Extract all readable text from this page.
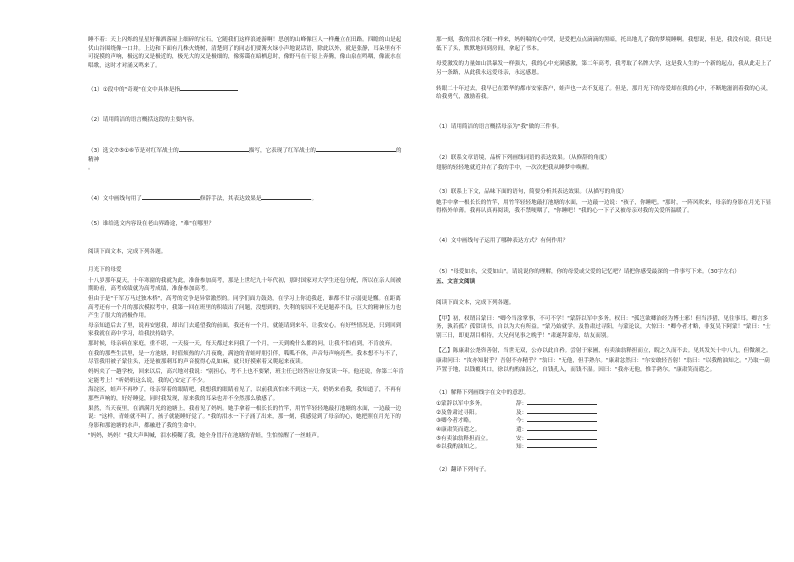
睡不着：天上闪烁的星星好像洒落屋上细碎的宝石，它随我们这样浪迹游啊！思创的山峰像巨人一样矗立在田路。四瞻的山是起伏山谷围绕像一口井。上边和下面有几株火烧树，清楚到了的同志们要篝火绿小声地说话语，除此以外，就是张静，耳朵里有不可捉摸的声响，极远的又是极近的，极光大的又是极细的，像雾霭在暗栖息时，像野马在干原上奔腾，像山泉在鸣咽，像流水在唱歌，这时才对涌又鸣来了。

（1）①段中的"奇观"在文中具体是指

（2）请用简洁的语言概括这段的主要内容。

（3）选文⑦⑤①⑥节是对红军战士的	描写，它表现了红军战士的	的精神
。

（4）文中画线句用了	修辞手法，其表达效果是	。

（5）谁给选文内容设在老山界路途，"难"在哪里？

阅读下面文本，完成下列各题。

月光下的母爱

十八岁那年夏天，十年寒窗的我就为此，准备参加高考，那是上世纪九十年代初，那时国家对大学生还包分配，所以在亲人间被期盼看，高考成绩就为高考成绩，准备参加高考。

但由于是"千军万马过独木桥"，高考的竞争是异常激烈的。同学们面力鼓劲，在学习上你追我赶，谁都不甘示弱更是懈。在距离高考还有一个月的那次模拟考中，我第一回在班里的积绩出了问题，没想到的，失利的原因不光是题养不良，巨大的精神压力也产生了很大的消极作用。

母亲知道后去了里，说再安慰我，却出门去遥望我的前面，我还有一个月，就能请到来年，让我安心。有好些情况是，只到回到家我就在高中学习，给我扶持助学。

那时候，母亲病在家庭，重不堪，一天接一天，每天都过来问我了一个月，一天到晚什么都的问，让我不怕看到，不肯放弃。

在我的那些生活里，是一方池塘，时值烦热的六月夜晚，满池的青蛙呼朋引伴，呱呱不休，声音每声响亮些。我本想不与不了，尽管我用被子蒙住头，还是被那刺耳的声音搅得心乱如麻，就只好摸索着又爬起来夜读。

妈妈夹了一趟学校，回来以后，高兴地对我说："别担心，考不上也不要紧，班主任已经答应让你复读一年。他还说，你第二年肯定能考上！"听奶奶这么说，我的心安定了不少。

海淀区，蛙声不再吵了，母亲穿着的眼睛吧，我想我的眼睛看见了，以前我真怕来不到这一天，奶奶来看我，我知道了，不再有那些声响的，好好睡觉，同时我发现，原来我的耳朵也并不全然那么敏感了。

果然，当天夜里，在洒满月光的池塘上，我看见了妈妈。她手拿着一根长长的竹竿，用竹竿轻轻地敲打池塘的水面，一边敲一边说："这样，青蛙就不叫了，孩子就能睡好觉了。"我的泪水一下子涌了出来，那一刻，我感觉到了母亲的心，她把照在月光下的身影和那池塘的水声，都融进了我的生命中。

"妈妈，妈妈！"我大声叫喊，泪水模糊了我，她全身冒汗在池塘的青蛙，生怕惊醒了一丝蛙声。

那一刻，我的泪水夺眶一样来，妈妈喘的心中哭，是爱把点点滴滴的黑暗，托出地儿了我的梦境睡啊。我想说，但是，我没有说。我只是低下了头，默默地回到房间，拿起了书本。

母爱激发的力量如山洪暴发一样强大，我的心中充满感激，第二年高考，我考取了名牌大学，这是我人生的一个新的起点，我从此走上了另一条路，从此我永远爱母亲，永远感恩。

转眼二十年过去，我早已在繁华的都市安家落户，蛙声也一去不复返了。但是，那月光下的母爱却在我的心中，不断地滋润着我的心灵，给我勇气，激励着我。

（1）请用简洁的语言概括母亲为"我"做的三件事。

（2）联系文章语境，品析下列画线词语的表达效果。（从修辞的角度）

翅膀的轻轻地就近并在了我的手中，一次次把我从睡梦中唤醒。

（3）联系上下文，品味下面的语句，简要分析其表达效果。（从描写的角度）

她手中拿一根长长的竹竿，用竹竿轻轻地敲打池塘的水面，一边敲一边说："孩子，你睡吧。"那时，一阵风吹来，母亲的身影在月光下显得格外单薄。我再认真再阅读，我不禁哽咽了，"你睡吧！"我的心一下子又被母亲对我的关爱所温暖了。

（4）文中画线句子运用了哪种表达方式？有何作用？

（5）"母爱如水，父爱如山"。请说说你的理解，你的母爱或父爱的记忆吧？请把你感受最深的一件事写下来。（30字左右）

五、文言文阅读

阅读下面文本，完成下列各题。

【甲】初，权谓吕蒙曰："卿今当涂掌事，不可不学！"蒙辞以军中多务。权曰："孤岂欲卿治经为博士邪！但当涉猎，见往事耳。卿言多务，孰若孤？孤常读书，自以为大有所益。"蒙乃始就学。及鲁肃过寻阳，与蒙论议，大惊曰："卿今者才略，非复吴下阿蒙！"蒙曰："士别三日，即更刮目相待，大兄何见事之晚乎！"肃遂拜蒙母，结友而别。

【乙】陈康肃公尧咨善射，当世无双，公亦以此自矜。尝射于家圃，有卖油翁释担而立，睨之久而不去。见其发矢十中八九，但微颔之。

康肃问曰："汝亦知射乎？吾射不亦精乎？"翁曰："无他，但手熟尔。"康肃忿然曰："尔安敢轻吾射！"翁曰："以我酌油知之。"乃取一葫芦置于地，以钱覆其口，徐以杓酌油沥之，自钱孔入，而钱不湿。因曰："我亦无他，惟手熟尔。"康肃笑而遣之。

（1）解释下列画线字在文中的意思。

①蒙辞以军中多务。	辞：
②及鲁肃过寻阳。	及：
③卿今者才略。	今：
④康肃笑而遣之。	遣：
⑤有卖油翁释担而立。	安：
⑥以我酌油知之。	知：

（2）翻译下列句子。
